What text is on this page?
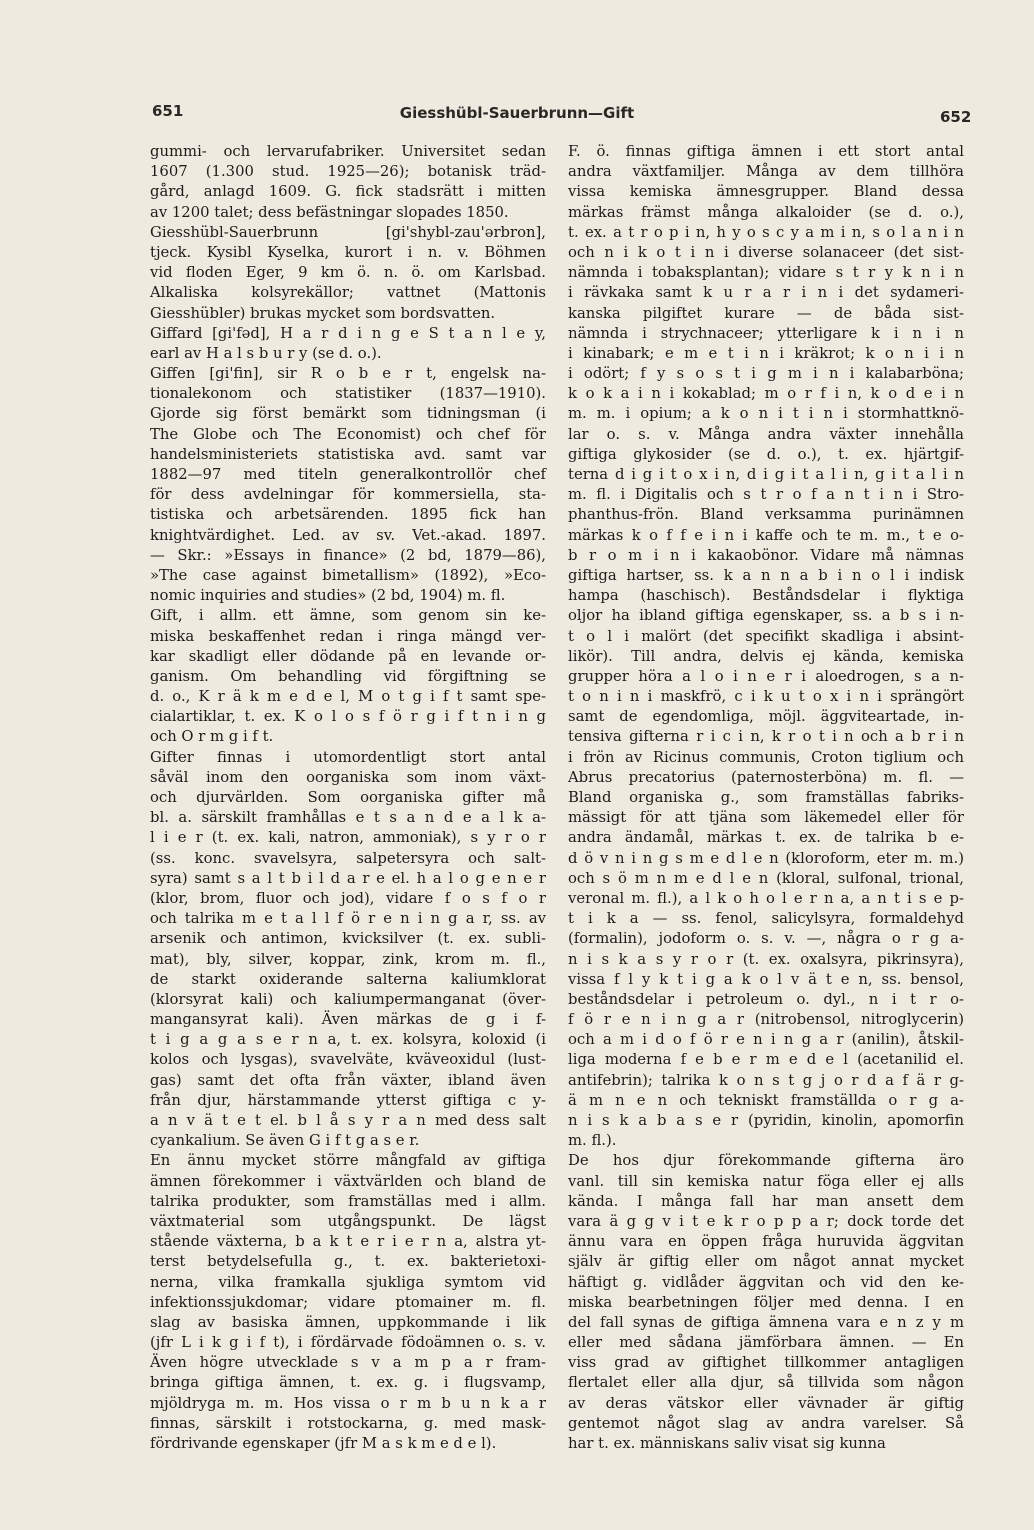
651	Giesshübl-Sauerbrunn—Gift	652
gummi- och lervarufabriker. Universitet sedan
1607 (1.300 stud. 1925—26); botanisk träd-
gård, anlagd 1609. G. fick stadsrätt i mitten
av 1200 talet; dess befästningar slopades 1850.
Giesshübl-Sauerbrunn [gi'shybl-zau'ərbron],
tjeck. Kysibl Kyselka, kurort i n. v. Böhmen
vid floden Eger, 9 km ö. n. ö. om Karlsbad.
Alkaliska kolsyrekällor; vattnet (Mattonis
Giesshübler) brukas mycket som bordsvatten.
Giffard [gi'fəd], H a r d i n g e S t a n l e y,
earl av H a l s b u r y (se d. o.).
Giffen [gi'fin], sir R o b e r t, engelsk na-
tionalekonom och statistiker (1837—1910).
Gjorde sig först bemärkt som tidningsman (i
The Globe och The Economist) och chef för
handelsministeriets statistiska avd. samt var
1882—97 med titeln generalkontrollör chef
för dess avdelningar för kommersiella, sta-
tistiska och arbetsärenden. 1895 fick han
knightvärdighet. Led. av sv. Vet.-akad. 1897.
— Skr.: »Essays in finance» (2 bd, 1879—86),
»The case against bimetallism» (1892), »Eco-
nomic inquiries and studies» (2 bd, 1904) m. fl.
Gift, i allm. ett ämne, som genom sin ke-
miska beskaffenhet redan i ringa mängd ver-
kar skadligt eller dödande på en levande or-
ganism. Om behandling vid förgiftning se
d. o., K r ä k m e d e l, M o t g i f t samt spe-
cialartiklar, t. ex. K o l o s f ö r g i f t n i n g
och O r m g i f t.
Gifter finnas i utomordentligt stort antal
såväl inom den oorganiska som inom växt-
och djurvärlden. Som oorganiska gifter må
bl. a. särskilt framhållas e t s a n d e a l k a-
l i e r (t. ex. kali, natron, ammoniak), s y r o r
(ss. konc. svavelsyra, salpetersyra och salt-
syra) samt s a l t b i l d a r e el. h a l o g e n e r
(klor, brom, fluor och jod), vidare f o s f o r
och talrika m e t a l l f ö r e n i n g a r, ss. av
arsenik och antimon, kvicksilver (t. ex. subli-
mat), bly, silver, koppar, zink, krom m. fl.,
de starkt oxiderande salterna kaliumklorat
(klorsyrat kali) och kaliumpermanganat (över-
mangansyrat kali). Även märkas de g i f-
t i g a g a s e r n a, t. ex. kolsyra, koloxid (i
kolos och lysgas), svavelväte, kväveoxidul (lust-
gas) samt det ofta från växter, ibland även
från djur, härstammande ytterst giftiga c y-
a n v ä t e t el. b l å s y r a n med dess salt
cyankalium. Se även G i f t g a s e r.
En ännu mycket större mångfald av giftiga
ämnen förekommer i växtvärlden och bland de
talrika produkter, som framställas med i allm.
växtmaterial som utgångspunkt. De lägst
stående växterna, b a k t e r i e r n a, alstra yt-
terst betydelsefulla g., t. ex. bakterietoxi-
nerna, vilka framkalla sjukliga symtom vid
infektionssjukdomar; vidare ptomainer m. fl.
slag av basiska ämnen, uppkommande i lik
(jfr L i k g i f t), i fördärvade födoämnen o. s. v.
Även högre utvecklade s v a m p a r fram-
bringa giftiga ämnen, t. ex. g. i flugsvamp,
mjöldryga m. m. Hos vissa o r m b u n k a r
finnas, särskilt i rotstockarna, g. med mask-
fördrivande egenskaper (jfr M a s k m e d e l).
F. ö. finnas giftiga ämnen i ett stort antal
andra växtfamiljer. Många av dem tillhöra
vissa kemiska ämnesgrupper. Bland dessa
märkas främst många alkaloider (se d. o.),
t. ex. a t r o p i n, h y o s c y a m i n, s o l a n i n
och n i k o t i n i diverse solanaceer (det sist-
nämnda i tobaksplantan); vidare s t r y k n i n
i rävkaka samt k u r a r i n i det sydameri-
kanska pilgiftet kurare — de båda sist-
nämnda i strychnaceer; ytterligare k i n i n
i kinabark; e m e t i n i kräkrot; k o n i i n
i odört; f y s o s t i g m i n i kalabarböna;
k o k a i n i kokablad; m o r f i n, k o d e i n
m. m. i opium; a k o n i t i n i stormhattknö-
lar o. s. v. Många andra växter innehålla
giftiga glykosider (se d. o.), t. ex. hjärtgif-
terna d i g i t o x i n, d i g i t a l i n, g i t a l i n
m. fl. i Digitalis och s t r o f a n t i n i Stro-
phanthus-frön. Bland verksamma purinämnen
märkas k o f f e i n i kaffe och te m. m., t e o-
b r o m i n i kakaobönor. Vidare må nämnas
giftiga hartser, ss. k a n n a b i n o l i indisk
hampa (haschisch). Beståndsdelar i flyktiga
oljor ha ibland giftiga egenskaper, ss. a b s i n-
t o l i malört (det specifikt skadliga i absint-
likör). Till andra, delvis ej kända, kemiska
grupper höra a l o i n e r i aloedrogen, s a n-
t o n i n i maskfrö, c i k u t o x i n i sprängört
samt de egendomliga, möjl. äggviteartade, in-
tensiva gifterna r i c i n, k r o t i n och a b r i n
i frön av Ricinus communis, Croton tiglium och
Abrus precatorius (paternosterböna) m. fl. —
Bland organiska g., som framställas fabriks-
mässigt för att tjäna som läkemedel eller för
andra ändamål, märkas t. ex. de talrika b e-
d ö v n i n g s m e d l e n (kloroform, eter m. m.)
och s ö m n m e d l e n (kloral, sulfonal, trional,
veronal m. fl.), a l k o h o l e r n a, a n t i s e p-
t i k a — ss. fenol, salicylsyra, formaldehyd
(formalin), jodoform o. s. v. —, några o r g a-
n i s k a s y r o r (t. ex. oxalsyra, pikrinsyra),
vissa f l y k t i g a k o l v ä t e n, ss. bensol,
beståndsdelar i petroleum o. dyl., n i t r o-
f ö r e n i n g a r (nitrobensol, nitroglycerin)
och a m i d o f ö r e n i n g a r (anilin), åtskil-
liga moderna f e b e r m e d e l (acetanilid el.
antifebrin); talrika k o n s t g j o r d a f ä r g-
ä m n e n och tekniskt framställda o r g a-
n i s k a b a s e r (pyridin, kinolin, apomorfin
m. fl.).
De hos djur förekommande gifterna äro
vanl. till sin kemiska natur föga eller ej alls
kända. I många fall har man ansett dem
vara ä g g v i t e k r o p p a r; dock torde det
ännu vara en öppen fråga huruvida äggvitan
själv är giftig eller om något annat mycket
häftigt g. vidlåder äggvitan och vid den ke-
miska bearbetningen följer med denna. I en
del fall synas de giftiga ämnena vara e n z y m
eller med sådana jämförbara ämnen. — En
viss grad av giftighet tillkommer antagligen
flertalet eller alla djur, så tillvida som någon
av deras vätskor eller vävnader är giftig
gentemot något slag av andra varelser. Så
har t. ex. människans saliv visat sig kunna
